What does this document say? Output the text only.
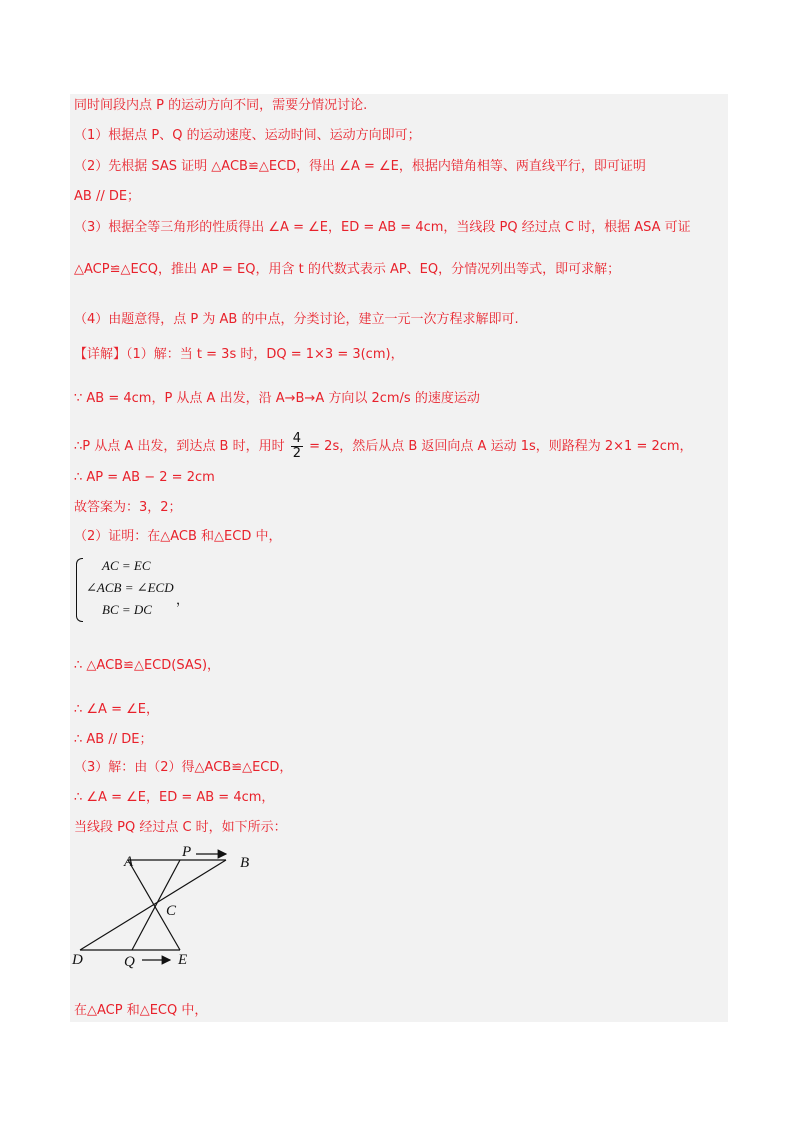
同时间段内点 P 的运动方向不同，需要分情况讨论.
（1）根据点 P、Q 的运动速度、运动时间、运动方向即可；
（2）先根据 SAS 证明 △ACB≌△ECD，得出 ∠A = ∠E，根据内错角相等、两直线平行，即可证明
AB // DE；
（3）根据全等三角形的性质得出 ∠A = ∠E，ED = AB = 4cm，当线段 PQ 经过点 C 时，根据 ASA 可证
△ACP≌△ECQ，推出 AP = EQ，用含 t 的代数式表示 AP、EQ，分情况列出等式，即可求解；
（4）由题意得，点 P 为 AB 的中点，分类讨论，建立一元一次方程求解即可.
【详解】（1）解：当 t = 3s 时，DQ = 1×3 = 3(cm)，
∵ AB = 4cm，P 从点 A 出发，沿 A→B→A 方向以 2cm/s 的速度运动
∴P 从点 A 出发，到达点 B 时，用时 $\frac{4}{2} = 2s$，然后从点 B 返回向点 A 运动 1s，则路程为 2×1 = 2cm，
∴ AP = AB − 2 = 2cm
故答案为：3，2；
（2）证明：在△ACB 和△ECD 中，
AC = EC
∠ACB = ∠ECD
BC = DC
，
∴ △ACB≌△ECD(SAS)，
∴ ∠A = ∠E，
∴ AB // DE；
（3）解：由（2）得△ACB≌△ECD，
∴ ∠A = ∠E，ED = AB = 4cm，
当线段 PQ 经过点 C 时，如下所示：
A
P
B
C
D	Q	E
在△ACP 和△ECQ 中，
